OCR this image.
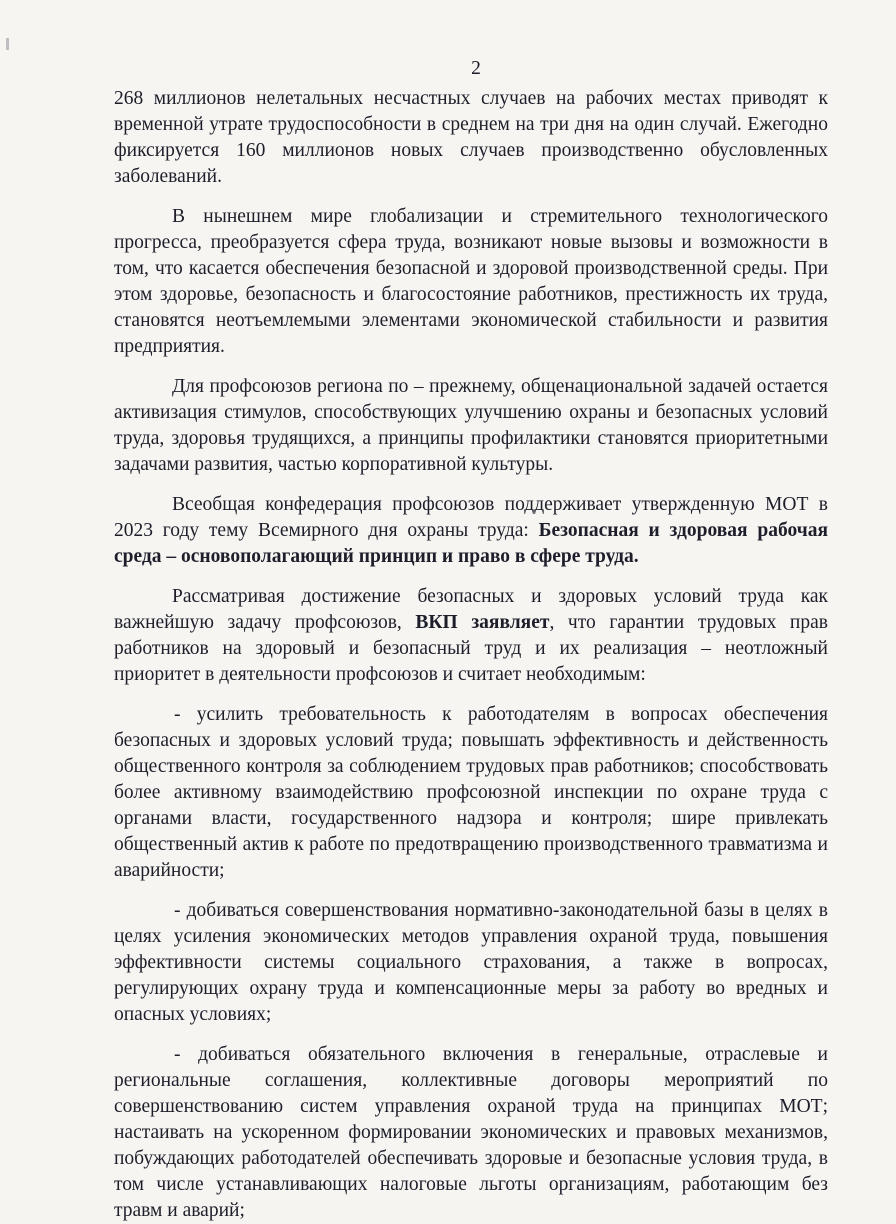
2

268 миллионов нелетальных несчастных случаев на рабочих местах приводят к временной утрате трудоспособности в среднем на три дня на один случай. Ежегодно фиксируется 160 миллионов новых случаев производственно обусловленных заболеваний.

В нынешнем мире глобализации и стремительного технологического прогресса, преобразуется сфера труда, возникают новые вызовы и возможности в том, что касается обеспечения безопасной и здоровой производственной среды. При этом здоровье, безопасность и благосостояние работников, престижность их труда, становятся неотъемлемыми элементами экономической стабильности и развития предприятия.

Для профсоюзов региона по – прежнему, общенациональной задачей остается активизация стимулов, способствующих улучшению охраны и безопасных условий труда, здоровья трудящихся, а принципы профилактики становятся приоритетными задачами развития, частью корпоративной культуры.

Всеобщая конфедерация профсоюзов поддерживает утвержденную МОТ в 2023 году тему Всемирного дня охраны труда: Безопасная и здоровая рабочая среда – основополагающий принцип и право в сфере труда.

Рассматривая достижение безопасных и здоровых условий труда как важнейшую задачу профсоюзов, ВКП заявляет, что гарантии трудовых прав работников на здоровый и безопасный труд и их реализация – неотложный приоритет в деятельности профсоюзов и считает необходимым:

- усилить требовательность к работодателям в вопросах обеспечения безопасных и здоровых условий труда; повышать эффективность и действенность общественного контроля за соблюдением трудовых прав работников; способствовать более активному взаимодействию профсоюзной инспекции по охране труда с органами власти, государственного надзора и контроля; шире привлекать общественный актив к работе по предотвращению производственного травматизма и аварийности;

- добиваться совершенствования нормативно-законодательной базы в целях в целях усиления экономических методов управления охраной труда, повышения эффективности системы социального страхования, а также в вопросах, регулирующих охрану труда и компенсационные меры за работу во вредных и опасных условиях;

- добиваться обязательного включения в генеральные, отраслевые и региональные соглашения, коллективные договоры мероприятий по совершенствованию систем управления охраной труда на принципах МОТ; настаивать на ускоренном формировании экономических и правовых механизмов, побуждающих работодателей обеспечивать здоровые и безопасные условия труда, в том числе устанавливающих налоговые льготы организациям, работающим без травм и аварий;
